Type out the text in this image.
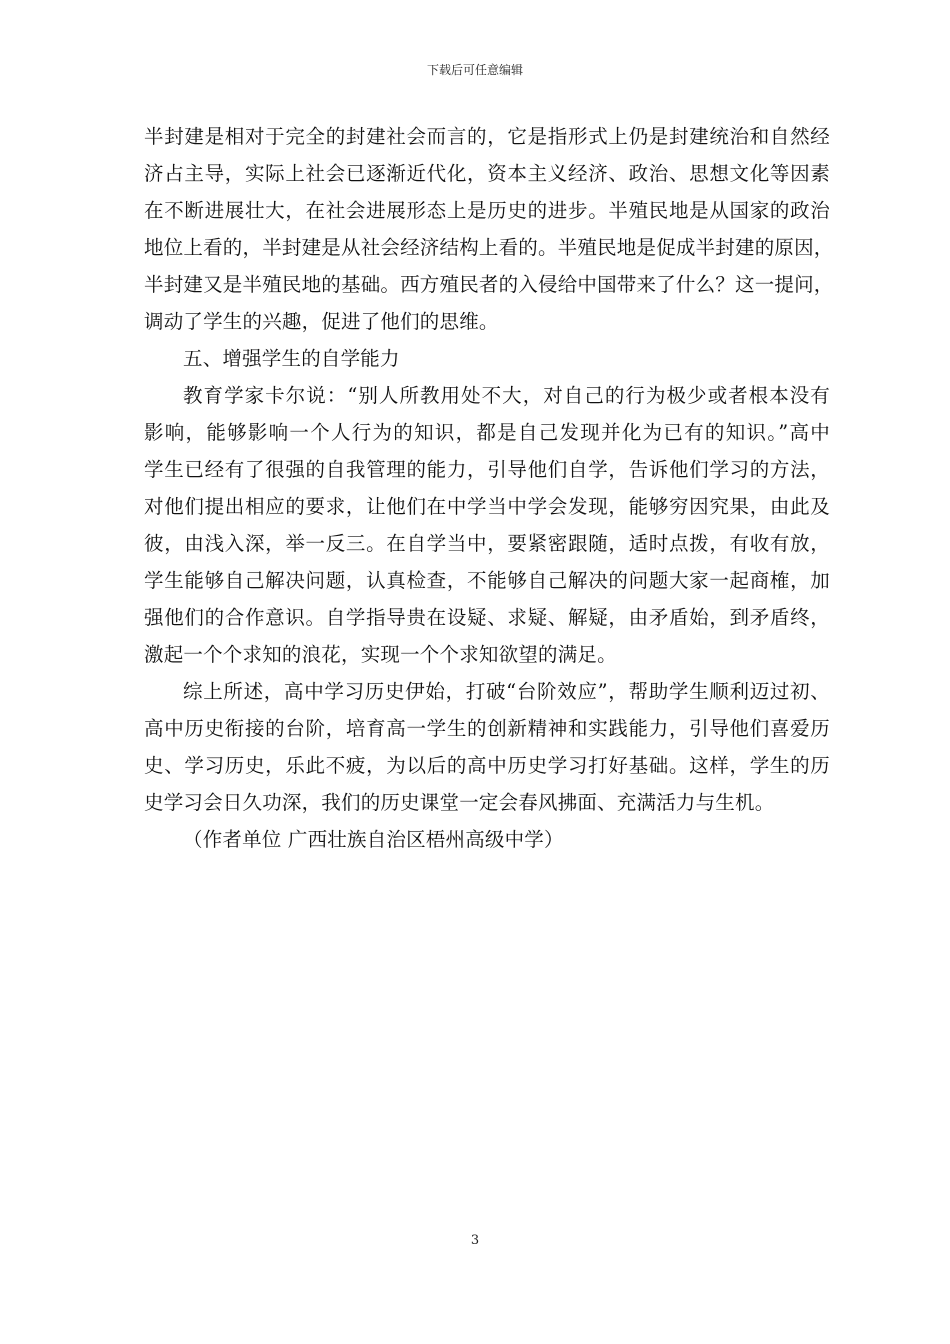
下载后可任意编辑
半封建是相对于完全的封建社会而言的，它是指形式上仍是封建统治和自然经
济占主导，实际上社会已逐渐近代化，资本主义经济、政治、思想文化等因素
在不断进展壮大，在社会进展形态上是历史的进步。半殖民地是从国家的政治
地位上看的，半封建是从社会经济结构上看的。半殖民地是促成半封建的原因，
半封建又是半殖民地的基础。西方殖民者的入侵给中国带来了什么？这一提问，
调动了学生的兴趣，促进了他们的思维。
五、增强学生的自学能力
教育学家卡尔说：“别人所教用处不大，对自己的行为极少或者根本没有
影响，能够影响一个人行为的知识，都是自己发现并化为已有的知识。”高中
学生已经有了很强的自我管理的能力，引导他们自学，告诉他们学习的方法，
对他们提出相应的要求，让他们在中学当中学会发现，能够穷因究果，由此及
彼，由浅入深，举一反三。在自学当中，要紧密跟随，适时点拨，有收有放，
学生能够自己解决问题，认真检查，不能够自己解决的问题大家一起商榷，加
强他们的合作意识。自学指导贵在设疑、求疑、解疑，由矛盾始，到矛盾终，
激起一个个求知的浪花，实现一个个求知欲望的满足。
综上所述，高中学习历史伊始，打破“台阶效应”，帮助学生顺利迈过初、
高中历史衔接的台阶，培育高一学生的创新精神和实践能力，引导他们喜爱历
史、学习历史，乐此不疲，为以后的高中历史学习打好基础。这样，学生的历
史学习会日久功深，我们的历史课堂一定会春风拂面、充满活力与生机。
（作者单位 广西壮族自治区梧州高级中学）
3
